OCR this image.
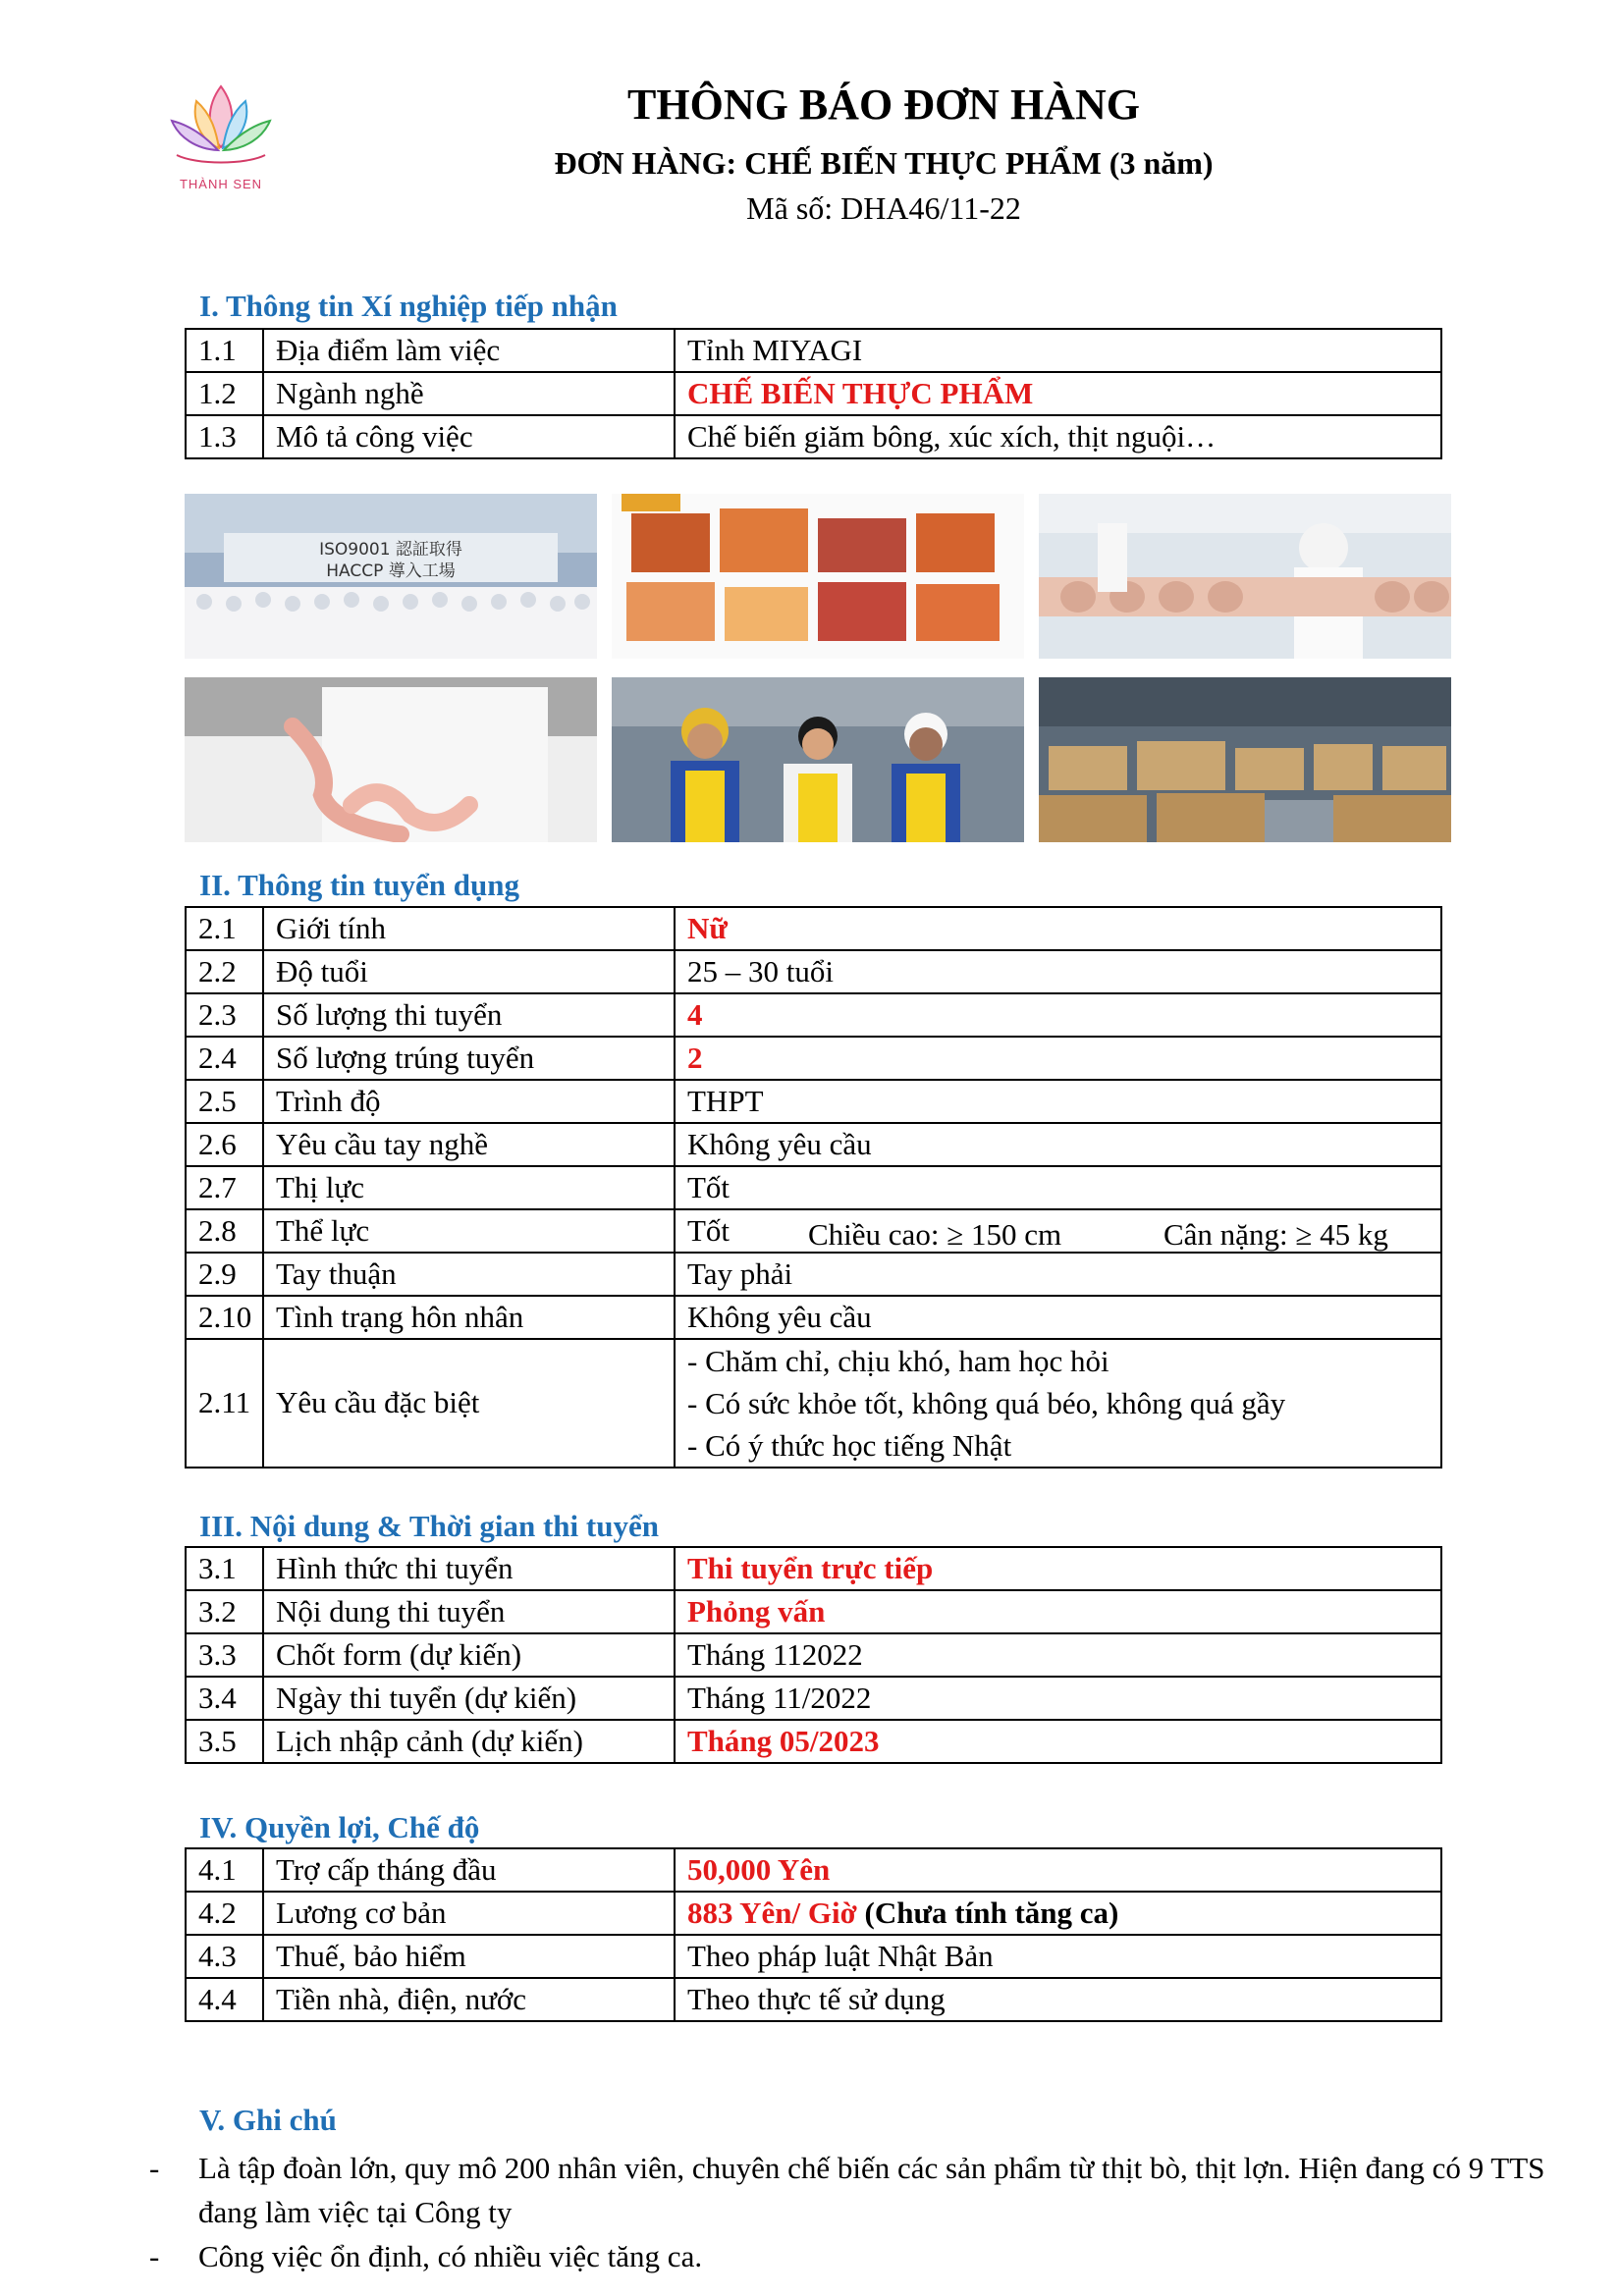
THÀNH SEN
THÔNG BÁO ĐƠN HÀNG
ĐƠN HÀNG: CHẾ BIẾN THỰC PHẨM (3 năm)
Mã số: DHA46/11-22
I. Thông tin Xí nghiệp tiếp nhận
1.1	Địa điểm làm việc	Tỉnh MIYAGI
1.2	Ngành nghề	CHẾ BIẾN THỰC PHẨM
1.3	Mô tả công việc	Chế biến giăm bông, xúc xích, thịt nguội…
ISO9001 認証取得
HACCP 導入工場
II. Thông tin tuyển dụng
2.1	Giới tính	Nữ
2.2	Độ tuổi	25 – 30 tuổi
2.3	Số lượng thi tuyển	4
2.4	Số lượng trúng tuyển	2
2.5	Trình độ	THPT
2.6	Yêu cầu tay nghề	Không yêu cầu
2.7	Thị lực	Tốt
2.8	Thể lực	Tốt Chiều cao: ≥ 150 cm Cân nặng: ≥ 45 kg

2.9	Tay thuận	Tay phải
2.10	Tình trạng hôn nhân	Không yêu cầu
2.11	Yêu cầu đặc biệt	- Chăm chỉ, chịu khó, ham học hỏi
- Có sức khỏe tốt, không quá béo, không quá gầy
- Có ý thức học tiếng Nhật
III. Nội dung & Thời gian thi tuyển
3.1	Hình thức thi tuyển	Thi tuyển trực tiếp
3.2	Nội dung thi tuyển	Phỏng vấn
3.3	Chốt form (dự kiến)	Tháng 112022
3.4	Ngày thi tuyển (dự kiến)	Tháng 11/2022
3.5	Lịch nhập cảnh (dự kiến)	Tháng 05/2023
IV. Quyền lợi, Chế độ
4.1	Trợ cấp tháng đầu	50,000 Yên
4.2	Lương cơ bản	883 Yên/ Giờ (Chưa tính tăng ca)
4.3	Thuế, bảo hiểm	Theo pháp luật Nhật Bản
4.4	Tiền nhà, điện, nước	Theo thực tế sử dụng
V. Ghi chú
- Là tập đoàn lớn, quy mô 200 nhân viên, chuyên chế biến các sản phẩm từ thịt bò, thịt lợn. Hiện đang có 9 TTS đang làm việc tại Công ty
- Công việc ổn định, có nhiều việc tăng ca.
